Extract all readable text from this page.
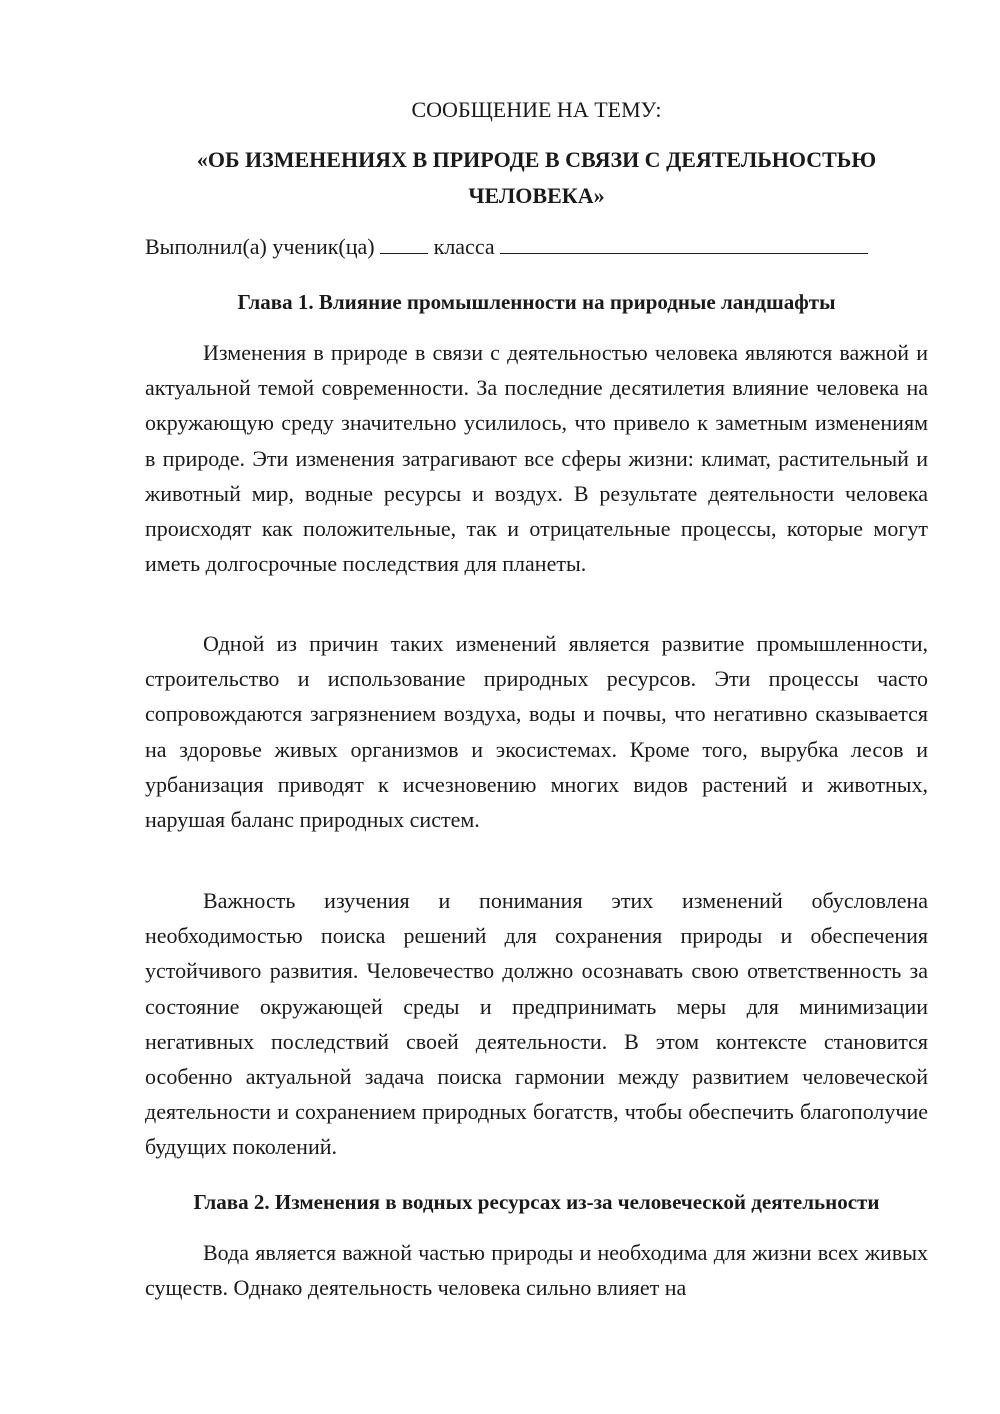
СООБЩЕНИЕ НА ТЕМУ:

«ОБ ИЗМЕНЕНИЯХ В ПРИРОДЕ В СВЯЗИ С ДЕЯТЕЛЬНОСТЬЮ ЧЕЛОВЕКА»

Выполнил(а) ученик(ца)	класса
Глава 1. Влияние промышленности на природные ландшафты

Изменения в природе в связи с деятельностью человека являются важной и актуальной темой современности. За последние десятилетия влияние человека на окружающую среду значительно усилилось, что привело к заметным изменениям в природе. Эти изменения затрагивают все сферы жизни: климат, растительный и животный мир, водные ресурсы и воздух. В результате деятельности человека происходят как положительные, так и отрицательные процессы, которые могут иметь долгосрочные последствия для планеты.

Одной из причин таких изменений является развитие промышленности, строительство и использование природных ресурсов. Эти процессы часто сопровождаются загрязнением воздуха, воды и почвы, что негативно сказывается на здоровье живых организмов и экосистемах. Кроме того, вырубка лесов и урбанизация приводят к исчезновению многих видов растений и животных, нарушая баланс природных систем.

Важность изучения и понимания этих изменений обусловлена необходимостью поиска решений для сохранения природы и обеспечения устойчивого развития. Человечество должно осознавать свою ответственность за состояние окружающей среды и предпринимать меры для минимизации негативных последствий своей деятельности. В этом контексте становится особенно актуальной задача поиска гармонии между развитием человеческой деятельности и сохранением природных богатств, чтобы обеспечить благополучие будущих поколений.

Глава 2. Изменения в водных ресурсах из-за человеческой деятельности

Вода является важной частью природы и необходима для жизни всех живых существ. Однако деятельность человека сильно влияет на
